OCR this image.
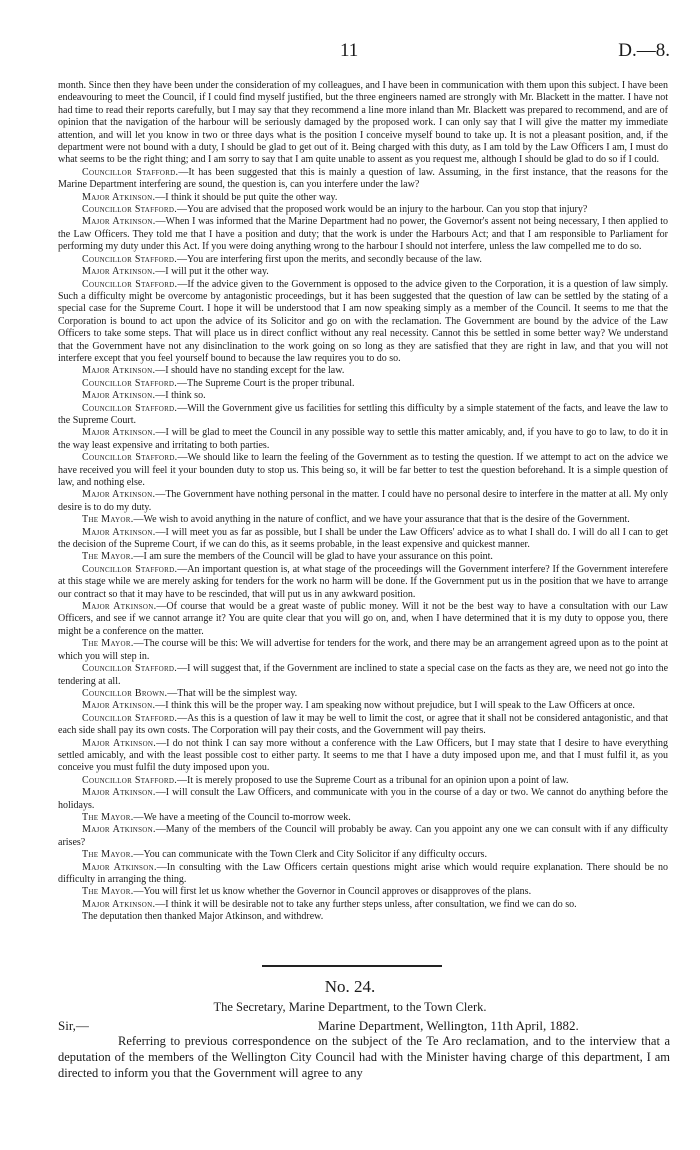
11	D.—8.

month. Since then they have been under the consideration of my colleagues, and I have been in communication with them upon this subject. I have been endeavouring to meet the Council, if I could find myself justified, but the three engineers named are strongly with Mr. Blackett in the matter. I have not had time to read their reports carefully, but I may say that they recommend a line more inland than Mr. Blackett was prepared to recommend, and are of opinion that the navigation of the harbour will be seriously damaged by the proposed work. I can only say that I will give the matter my immediate attention, and will let you know in two or three days what is the position I conceive myself bound to take up. It is not a pleasant position, and, if the department were not bound with a duty, I should be glad to get out of it. Being charged with this duty, as I am told by the Law Officers I am, I must do what seems to be the right thing; and I am sorry to say that I am quite unable to assent as you request me, although I should be glad to do so if I could.

Councillor Stafford.—It has been suggested that this is mainly a question of law. Assuming, in the first instance, that the reasons for the Marine Department interfering are sound, the question is, can you interfere under the law?

Major Atkinson.—I think it should be put quite the other way.

Councillor Stafford.—You are advised that the proposed work would be an injury to the harbour. Can you stop that injury?

Major Atkinson.—When I was informed that the Marine Department had no power, the Governor's assent not being necessary, I then applied to the Law Officers. They told me that I have a position and duty; that the work is under the Harbours Act; and that I am responsible to Parliament for performing my duty under this Act. If you were doing anything wrong to the harbour I should not interfere, unless the law compelled me to do so.

Councillor Stafford.—You are interfering first upon the merits, and secondly because of the law.

Major Atkinson.—I will put it the other way.

Councillor Stafford.—If the advice given to the Government is opposed to the advice given to the Corporation, it is a question of law simply. Such a difficulty might be overcome by antagonistic proceedings, but it has been suggested that the question of law can be settled by the stating of a special case for the Supreme Court. I hope it will be understood that I am now speaking simply as a member of the Council. It seems to me that the Corporation is bound to act upon the advice of its Solicitor and go on with the reclamation. The Government are bound by the advice of the Law Officers to take some steps. That will place us in direct conflict without any real necessity. Cannot this be settled in some better way? We understand that the Government have not any disinclination to the work going on so long as they are satisfied that they are right in law, and that you will not interfere except that you feel yourself bound to because the law requires you to do so.

Major Atkinson.—I should have no standing except for the law.

Councillor Stafford.—The Supreme Court is the proper tribunal.

Major Atkinson.—I think so.

Councillor Stafford.—Will the Government give us facilities for settling this difficulty by a simple statement of the facts, and leave the law to the Supreme Court.

Major Atkinson.—I will be glad to meet the Council in any possible way to settle this matter amicably, and, if you have to go to law, to do it in the way least expensive and irritating to both parties.

Councillor Stafford.—We should like to learn the feeling of the Government as to testing the question. If we attempt to act on the advice we have received you will feel it your bounden duty to stop us. This being so, it will be far better to test the question beforehand. It is a simple question of law, and nothing else.

Major Atkinson.—The Government have nothing personal in the matter. I could have no personal desire to interfere in the matter at all. My only desire is to do my duty.

The Mayor.—We wish to avoid anything in the nature of conflict, and we have your assurance that that is the desire of the Government.

Major Atkinson.—I will meet you as far as possible, but I shall be under the Law Officers' advice as to what I shall do. I will do all I can to get the decision of the Supreme Court, if we can do this, as it seems probable, in the least expensive and quickest manner.

The Mayor.—I am sure the members of the Council will be glad to have your assurance on this point.

Councillor Stafford.—An important question is, at what stage of the proceedings will the Government interfere? If the Government interefere at this stage while we are merely asking for tenders for the work no harm will be done. If the Government put us in the position that we have to arrange our contract so that it may have to be rescinded, that will put us in any awkward position.

Major Atkinson.—Of course that would be a great waste of public money. Will it not be the best way to have a consultation with our Law Officers, and see if we cannot arrange it? You are quite clear that you will go on, and, when I have determined that it is my duty to oppose you, there might be a conference on the matter.

The Mayor.—The course will be this: We will advertise for tenders for the work, and there may be an arrangement agreed upon as to the point at which you will step in.

Councillor Stafford.—I will suggest that, if the Government are inclined to state a special case on the facts as they are, we need not go into the tendering at all.

Councillor Brown.—That will be the simplest way.

Major Atkinson.—I think this will be the proper way. I am speaking now without prejudice, but I will speak to the Law Officers at once.

Councillor Stafford.—As this is a question of law it may be well to limit the cost, or agree that it shall not be considered antagonistic, and that each side shall pay its own costs. The Corporation will pay their costs, and the Government will pay theirs.

Major Atkinson.—I do not think I can say more without a conference with the Law Officers, but I may state that I desire to have everything settled amicably, and with the least possible cost to either party. It seems to me that I have a duty imposed upon me, and that I must fulfil it, as you conceive you must fulfil the duty imposed upon you.

Councillor Stafford.—It is merely proposed to use the Supreme Court as a tribunal for an opinion upon a point of law.

Major Atkinson.—I will consult the Law Officers, and communicate with you in the course of a day or two. We cannot do anything before the holidays.

The Mayor.—We have a meeting of the Council to-morrow week.

Major Atkinson.—Many of the members of the Council will probably be away. Can you appoint any one we can consult with if any difficulty arises?

The Mayor.—You can communicate with the Town Clerk and City Solicitor if any difficulty occurs.

Major Atkinson.—In consulting with the Law Officers certain questions might arise which would require explanation. There should be no difficulty in arranging the thing.

The Mayor.—You will first let us know whether the Governor in Council approves or disapproves of the plans.

Major Atkinson.—I think it will be desirable not to take any further steps unless, after consultation, we find we can do so.

The deputation then thanked Major Atkinson, and withdrew.

No. 24.
The Secretary, Marine Department, to the Town Clerk.
Sir,—	Marine Department, Wellington, 11th April, 1882.

Referring to previous correspondence on the subject of the Te Aro reclamation, and to the interview that a deputation of the members of the Wellington City Council had with the Minister having charge of this department, I am directed to inform you that the Government will agree to any
